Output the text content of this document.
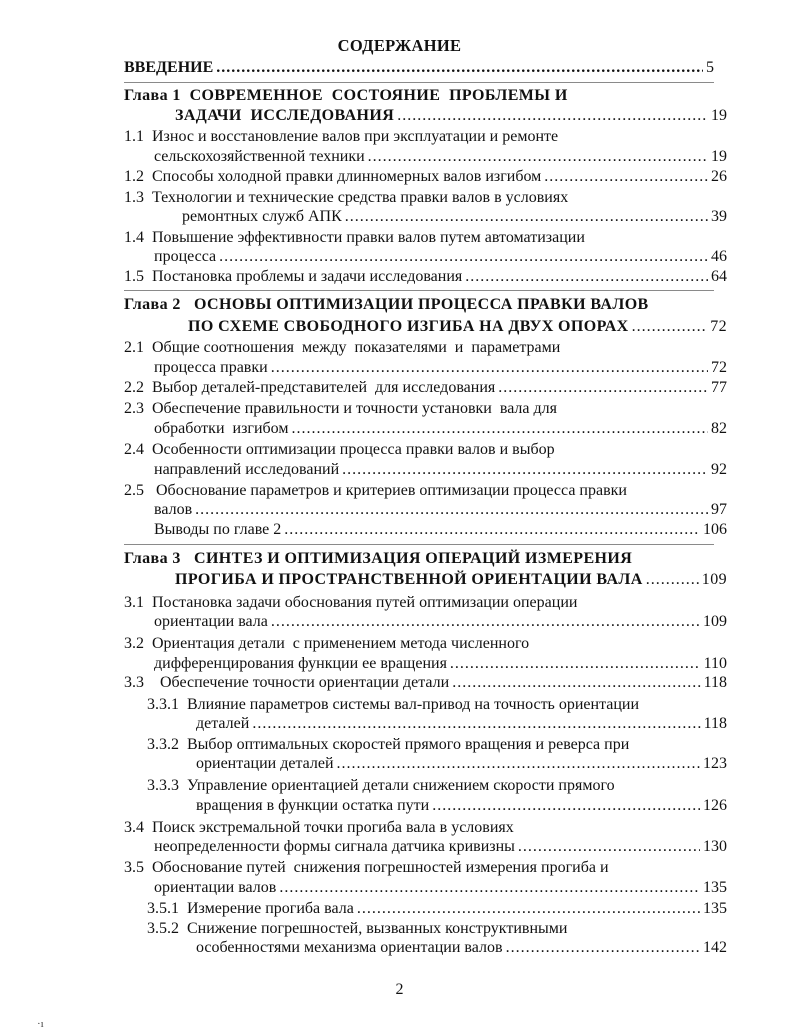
СОДЕРЖАНИЕ
ВВЕДЕНИЕ .....	5
Глава 1  СОВРЕМЕННОЕ  СОСТОЯНИЕ  ПРОБЛЕМЫ И
ЗАДАЧИ  ИССЛЕДОВАНИЯ .....	19
1.1  Износ и восстановление валов при эксплуатации и ремонте
сельскохозяйственной техники .....	19
1.2  Способы холодной правки длинномерных валов изгибом .....	26
1.3  Технологии и технические средства правки валов в условиях
ремонтных служб АПК .....	39
1.4  Повышение эффективности правки валов путем автоматизации
процесса .....	46
1.5  Постановка проблемы и задачи исследования .....	64
Глава 2   ОСНОВЫ ОПТИМИЗАЦИИ ПРОЦЕССА ПРАВКИ ВАЛОВ
ПО СХЕМЕ СВОБОДНОГО ИЗГИБА НА ДВУХ ОПОРАХ .....	72
2.1  Общие соотношения  между  показателями  и  параметрами
процесса правки .....	72
2.2  Выбор деталей-представителей  для исследования .....	77
2.3  Обеспечение правильности и точности установки  вала для
обработки  изгибом .....	82
2.4  Особенности оптимизации процесса правки валов и выбор
направлений исследований .....	92
2.5   Обоснование параметров и критериев оптимизации процесса правки
валов .....	97
Выводы по главе 2 .....	106
Глава 3   СИНТЕЗ И ОПТИМИЗАЦИЯ ОПЕРАЦИЙ ИЗМЕРЕНИЯ
ПРОГИБА И ПРОСТРАНСТВЕННОЙ ОРИЕНТАЦИИ ВАЛА .....	109
3.1  Постановка задачи обоснования путей оптимизации операции
ориентации вала .....	109
3.2  Ориентация детали  с применением метода численного
дифференцирования функции ее вращения .....	110
3.3    Обеспечение точности ориентации детали .....	118
3.3.1  Влияние параметров системы вал-привод на точность ориентации
деталей .....	118
3.3.2  Выбор оптимальных скоростей прямого вращения и реверса при
ориентации деталей .....	123
3.3.3  Управление ориентацией детали снижением скорости прямого
вращения в функции остатка пути .....	126
3.4  Поиск экстремальной точки прогиба вала в условиях
неопределенности формы сигнала датчика кривизны .....	130
3.5  Обоснование путей  снижения погрешностей измерения прогиба и
ориентации валов .....	135
3.5.1  Измерение прогиба вала .....	135
3.5.2  Снижение погрешностей, вызванных конструктивными
особенностями механизма ориентации валов .....	142
2
·ı
